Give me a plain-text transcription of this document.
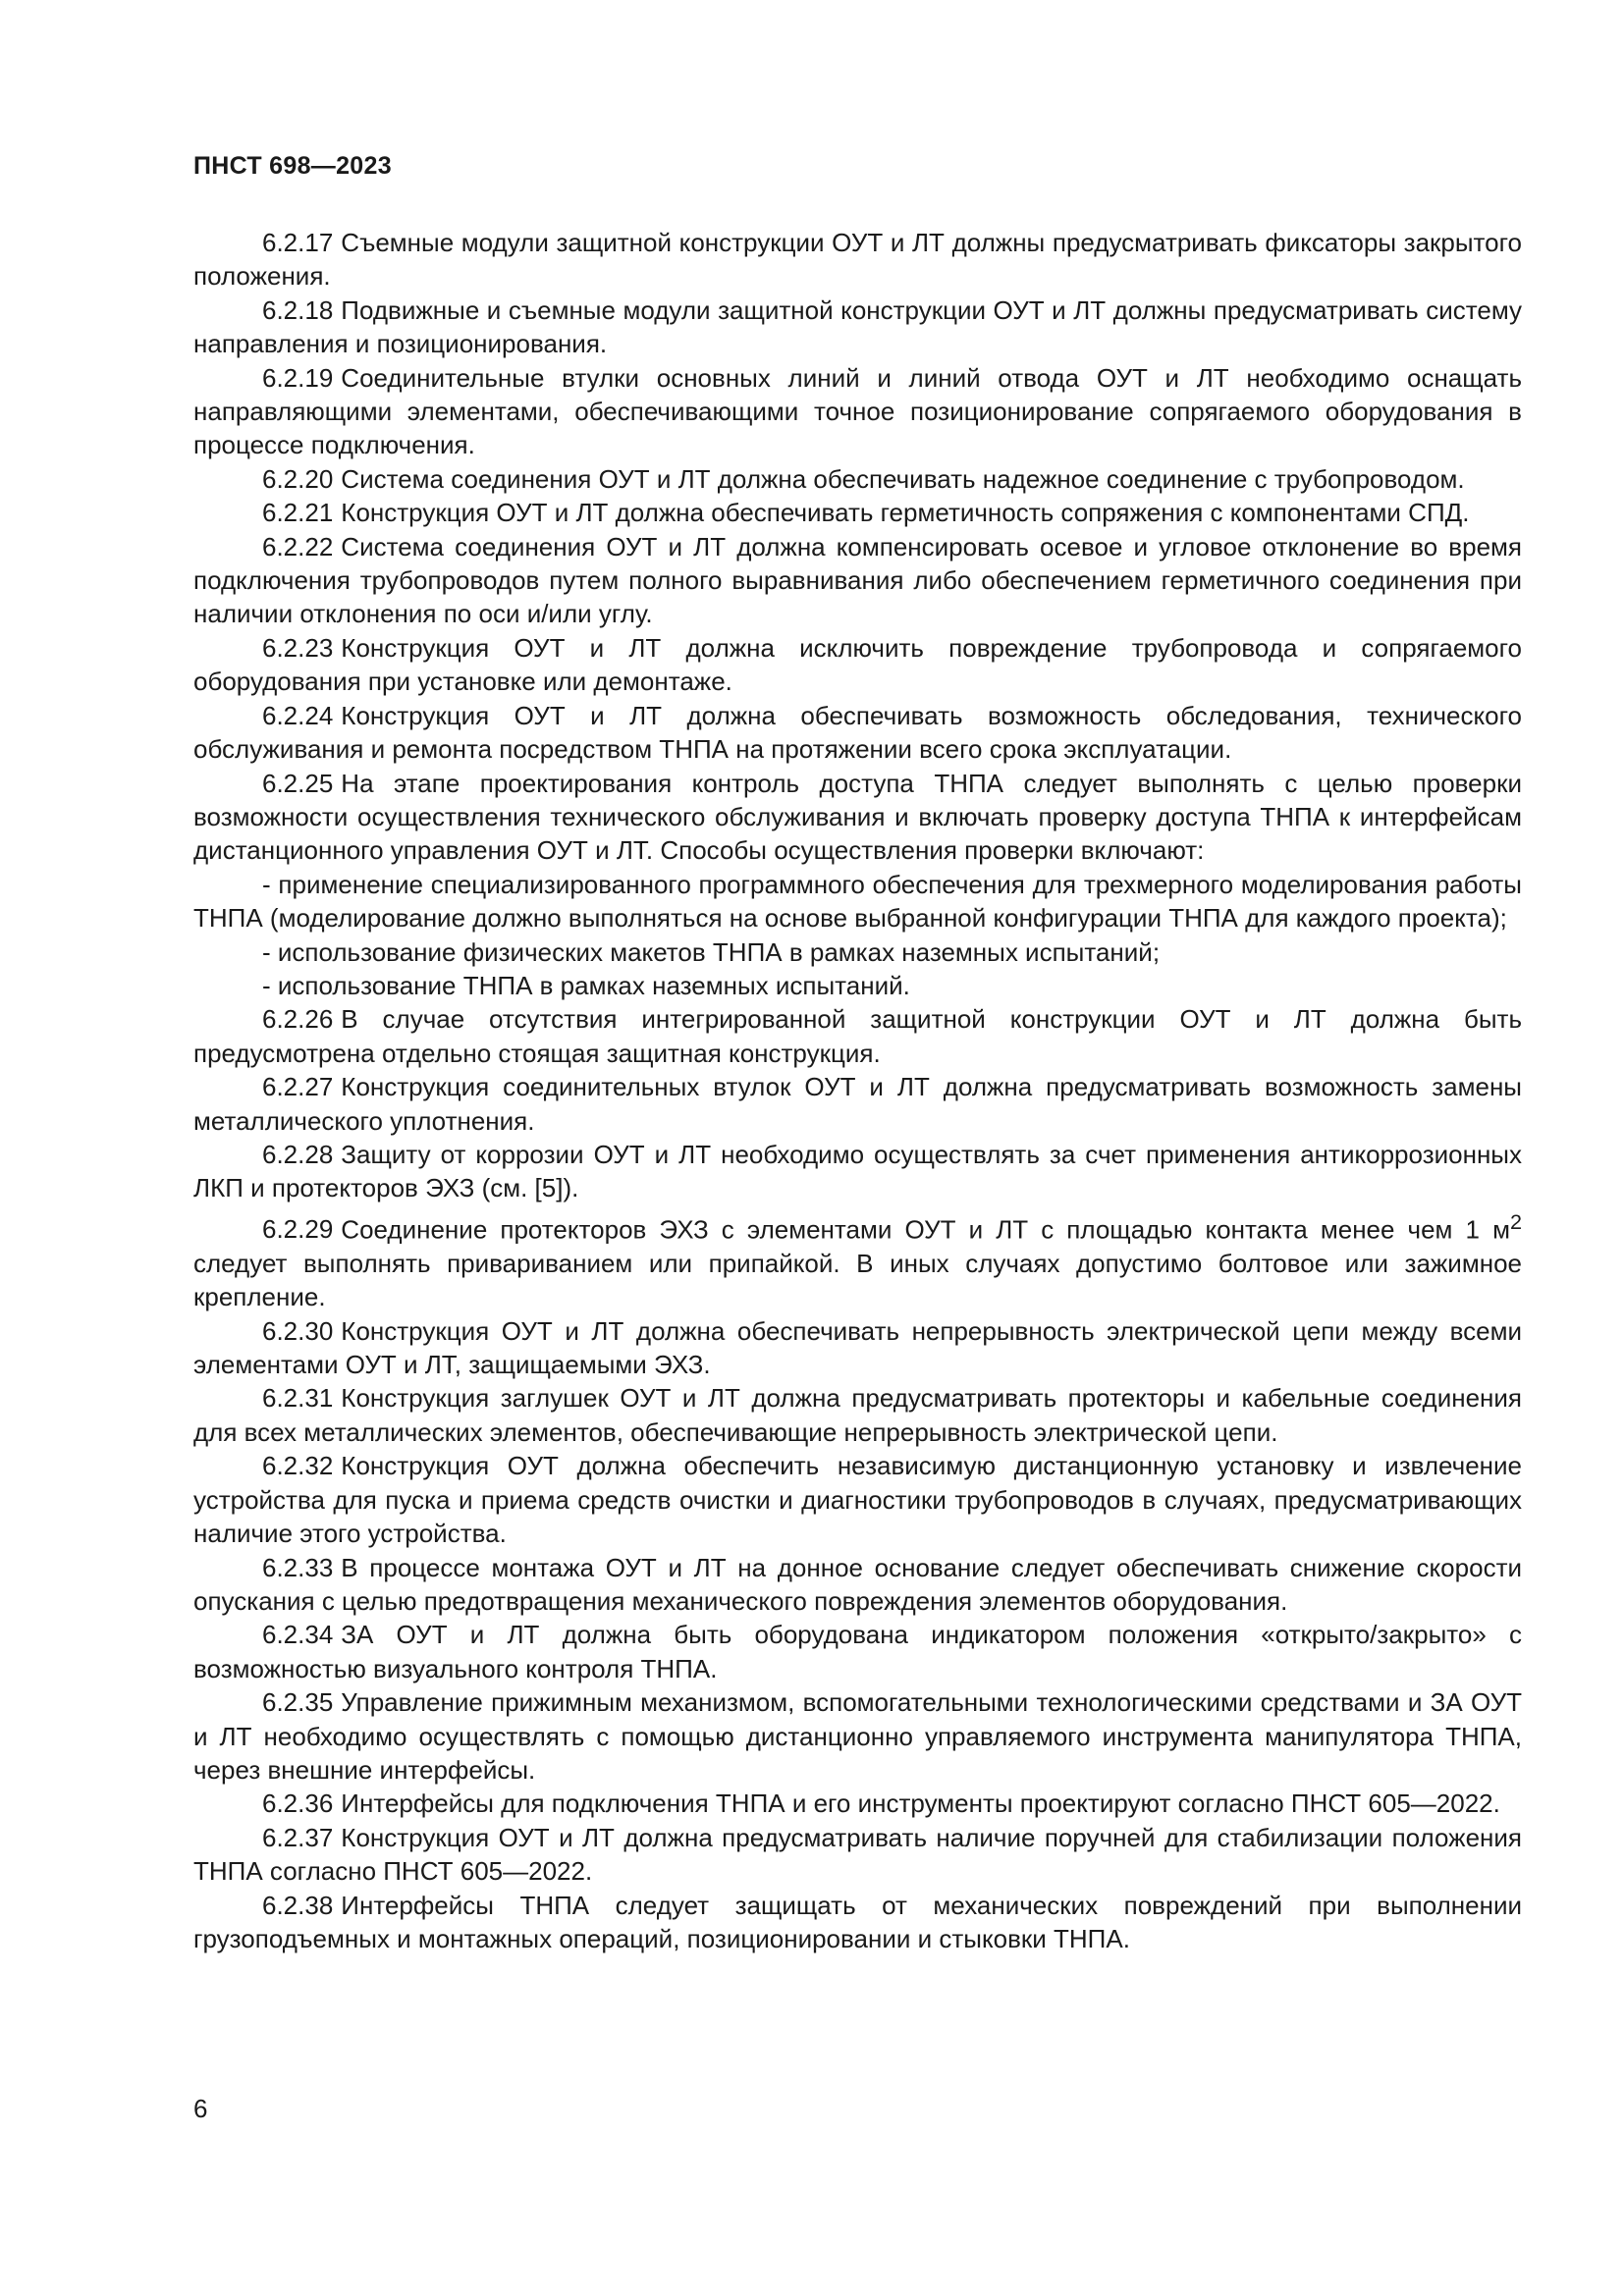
ПНСТ 698—2023

6.2.17 Съемные модули защитной конструкции ОУТ и ЛТ должны предусматривать фиксаторы закрытого положения.

6.2.18 Подвижные и съемные модули защитной конструкции ОУТ и ЛТ должны предусматривать систему направления и позиционирования.

6.2.19 Соединительные втулки основных линий и линий отвода ОУТ и ЛТ необходимо оснащать направляющими элементами, обеспечивающими точное позиционирование сопрягаемого оборудования в процессе подключения.

6.2.20 Система соединения ОУТ и ЛТ должна обеспечивать надежное соединение с трубопроводом.

6.2.21 Конструкция ОУТ и ЛТ должна обеспечивать герметичность сопряжения с компонентами СПД.

6.2.22 Система соединения ОУТ и ЛТ должна компенсировать осевое и угловое отклонение во время подключения трубопроводов путем полного выравнивания либо обеспечением герметичного соединения при наличии отклонения по оси и/или углу.

6.2.23 Конструкция ОУТ и ЛТ должна исключить повреждение трубопровода и сопрягаемого оборудования при установке или демонтаже.

6.2.24 Конструкция ОУТ и ЛТ должна обеспечивать возможность обследования, технического обслуживания и ремонта посредством ТНПА на протяжении всего срока эксплуатации.

6.2.25 На этапе проектирования контроль доступа ТНПА следует выполнять с целью проверки возможности осуществления технического обслуживания и включать проверку доступа ТНПА к интерфейсам дистанционного управления ОУТ и ЛТ. Способы осуществления проверки включают:

- применение специализированного программного обеспечения для трехмерного моделирования работы ТНПА (моделирование должно выполняться на основе выбранной конфигурации ТНПА для каждого проекта);

- использование физических макетов ТНПА в рамках наземных испытаний;

- использование ТНПА в рамках наземных испытаний.

6.2.26 В случае отсутствия интегрированной защитной конструкции ОУТ и ЛТ должна быть предусмотрена отдельно стоящая защитная конструкция.

6.2.27 Конструкция соединительных втулок ОУТ и ЛТ должна предусматривать возможность замены металлического уплотнения.

6.2.28 Защиту от коррозии ОУТ и ЛТ необходимо осуществлять за счет применения антикоррозионных ЛКП и протекторов ЭХЗ (см. [5]).

6.2.29 Соединение протекторов ЭХЗ с элементами ОУТ и ЛТ с площадью контакта менее чем 1 $м^2$ следует выполнять привариванием или припайкой. В иных случаях допустимо болтовое или зажимное крепление.

6.2.30 Конструкция ОУТ и ЛТ должна обеспечивать непрерывность электрической цепи между всеми элементами ОУТ и ЛТ, защищаемыми ЭХЗ.

6.2.31 Конструкция заглушек ОУТ и ЛТ должна предусматривать протекторы и кабельные соединения для всех металлических элементов, обеспечивающие непрерывность электрической цепи.

6.2.32 Конструкция ОУТ должна обеспечить независимую дистанционную установку и извлечение устройства для пуска и приема средств очистки и диагностики трубопроводов в случаях, предусматривающих наличие этого устройства.

6.2.33 В процессе монтажа ОУТ и ЛТ на донное основание следует обеспечивать снижение скорости опускания с целью предотвращения механического повреждения элементов оборудования.

6.2.34 ЗА ОУТ и ЛТ должна быть оборудована индикатором положения «открыто/закрыто» с возможностью визуального контроля ТНПА.

6.2.35 Управление прижимным механизмом, вспомогательными технологическими средствами и ЗА ОУТ и ЛТ необходимо осуществлять с помощью дистанционно управляемого инструмента манипулятора ТНПА, через внешние интерфейсы.

6.2.36 Интерфейсы для подключения ТНПА и его инструменты проектируют согласно ПНСТ 605—2022.

6.2.37 Конструкция ОУТ и ЛТ должна предусматривать наличие поручней для стабилизации положения ТНПА согласно ПНСТ 605—2022.

6.2.38 Интерфейсы ТНПА следует защищать от механических повреждений при выполнении грузоподъемных и монтажных операций, позиционировании и стыковки ТНПА.

6
